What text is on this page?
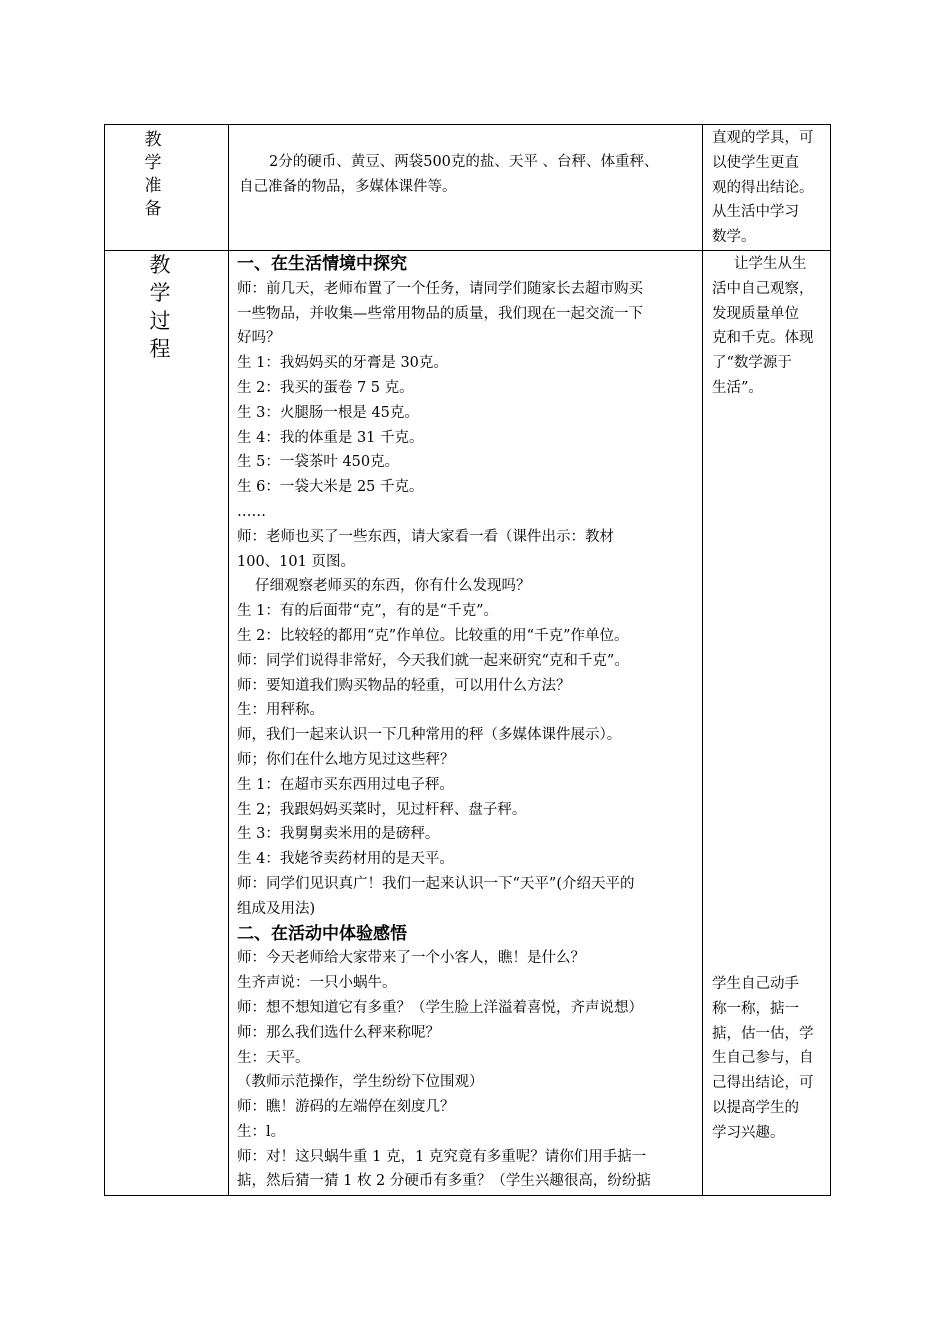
教
学
准
备
2分的硬币、黄豆、两袋500克的盐、天平 、台秤、体重秤、
自己准备的物品，多媒体课件等。
直观的学具，可
以使学生更直
观的得出结论。
从生活中学习
数学。
教
学
过
程
一、在生活情境中探究
师：前几天，老师布置了一个任务，请同学们随家长去超市购买
一些物品，并收集—些常用物品的质量，我们现在一起交流一下
好吗？
生 1：我妈妈买的牙膏是 30克。
生 2：我买的蛋卷 7 5 克。
生 3：火腿肠一根是 45克。
生 4：我的体重是 31 千克。
生 5：一袋茶叶 450克。
生 6：一袋大米是 25 千克。
……
师：老师也买了一些东西，请大家看一看（课件出示：教材
100、101 页图。
仔细观察老师买的东西，你有什么发现吗？
生 1：有的后面带“克”，有的是“千克”。
生 2：比较轻的都用“克”作单位。比较重的用“千克”作单位。
师：同学们说得非常好，今天我们就一起来研究“克和千克”。
师：要知道我们购买物品的轻重，可以用什么方法？
生：用秤称。
师，我们一起来认识一下几种常用的秤（多媒体课件展示）。
师；你们在什么地方见过这些秤？
生 1：在超市买东西用过电子秤。
生 2；我跟妈妈买菜时，见过杆秤、盘子秤。
生 3：我舅舅卖米用的是磅秤。
生 4：我姥爷卖药材用的是天平。
师：同学们见识真广！我们一起来认识一下“天平”(介绍天平的
组成及用法)
二、在活动中体验感悟
师：今天老师给大家带来了一个小客人，瞧！是什么？
生齐声说：一只小蜗牛。
师：想不想知道它有多重？（学生脸上洋溢着喜悦，齐声说想）
师：那么我们选什么秤来称呢？
生：天平。
（教师示范操作，学生纷纷下位围观）
师：瞧！游码的左端停在刻度几？
生：l。
师：对！这只蜗牛重 1 克，1 克究竟有多重呢？请你们用手掂一
掂，然后猜一猜 1 枚 2 分硬币有多重？（学生兴趣很高，纷纷掂
让学生从生
活中自己观察，
发现质量单位
克和千克。体现
了“数学源于
生活”。
学生自己动手
称一称，掂一
掂，估一估，学
生自己参与，自
己得出结论，可
以提高学生的
学习兴趣。
